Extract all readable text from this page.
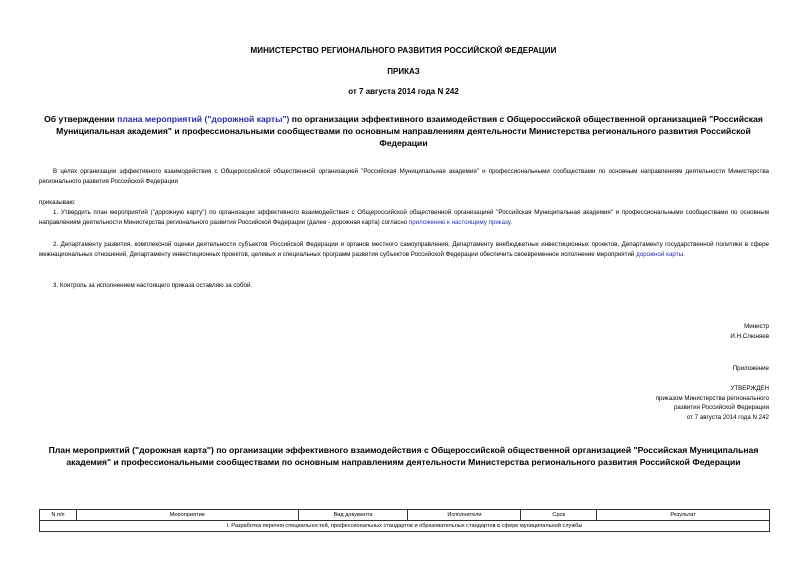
МИНИСТЕРСТВО РЕГИОНАЛЬНОГО РАЗВИТИЯ РОССИЙСКОЙ ФЕДЕРАЦИИ
ПРИКАЗ
от 7 августа 2014 года N 242
Об утверждении плана мероприятий ("дорожной карты") по организации эффективного взаимодействия с Общероссийской общественной организацией "Российская Муниципальная академия" и профессиональными сообществами по основным направлениям деятельности Министерства регионального развития Российской Федерации
В целях организации эффективного взаимодействия с Общероссийской общественной организацией "Российская Муниципальная академия" и профессиональными сообществами по основным направлениям деятельности Министерства регионального развития Российской Федерации
приказываю:
1. Утвердить план мероприятий ("дорожную карту") по организации эффективного взаимодействия с Общероссийской общественной организацией "Российская Муниципальная академия" и профессиональными сообществами по основным направлениям деятельности Министерства регионального развития Российской Федерации (далее - дорожная карта) согласно приложению к настоящему приказу.
2. Департаменту развития, комплексной оценки деятельности субъектов Российской Федерации и органов местного самоуправления, Департаменту внебюджетных инвестиционных проектов, Департаменту государственной политики в сфере межнациональных отношений, Департаменту инвестиционных проектов, целевых и специальных программ развития субъектов Российской Федерации обеспечить своевременное исполнение мероприятий дорожной карты.
3. Контроль за исполнением настоящего приказа оставляю за собой.
Министр
И.Н.Слюняев
Приложение
УТВЕРЖДЕН
приказом Министерства регионального
развития Российской Федерации
от 7 августа 2014 года N 242
План мероприятий ("дорожная карта") по организации эффективного взаимодействия с Общероссийской общественной организацией "Российская Муниципальная академия" и профессиональными сообществами по основным направлениям деятельности Министерства регионального развития Российской Федерации
N п/п	Мероприятие	Вид документа	Исполнители	Срок	Результат
I. Разработка перечня специальностей, профессиональных стандартов и образовательных стандартов в сфере муниципальной службы
